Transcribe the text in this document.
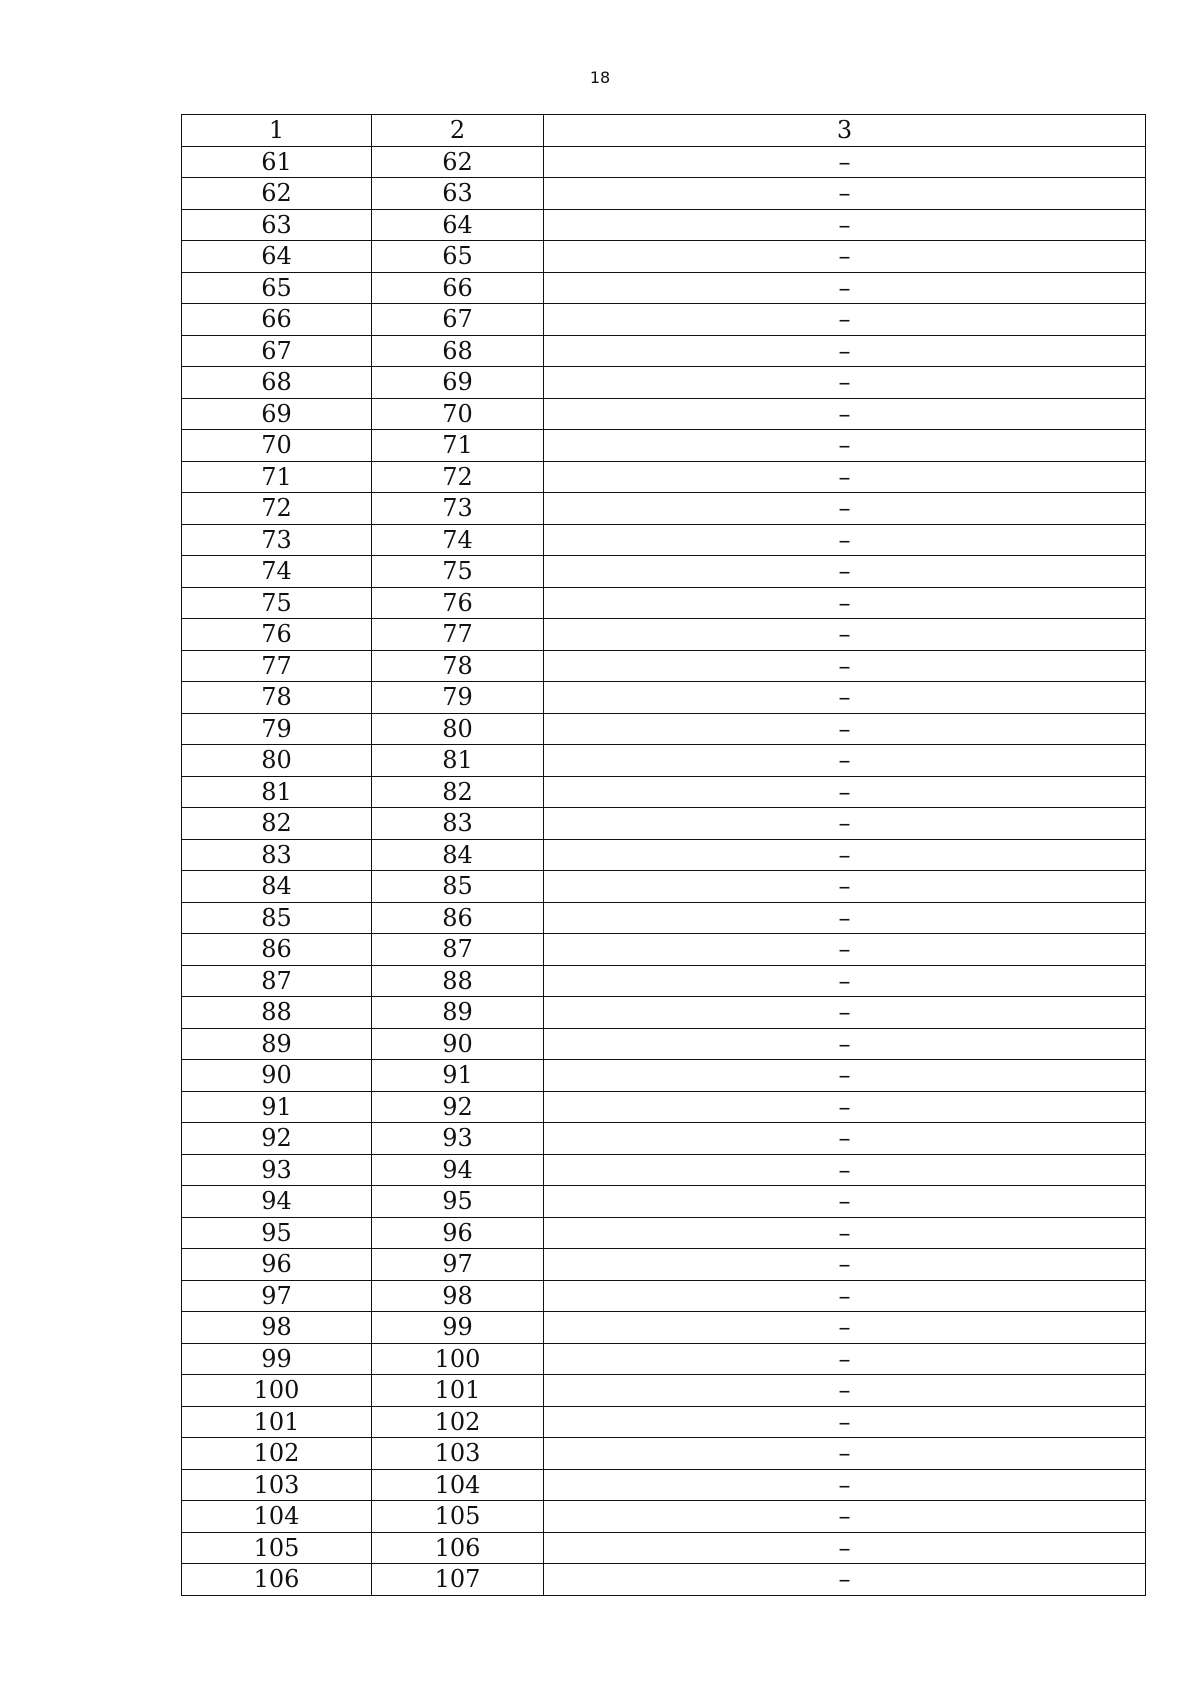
18
1	2	3
61	62	–
62	63	–
63	64	–
64	65	–
65	66	–
66	67	–
67	68	–
68	69	–
69	70	–
70	71	–
71	72	–
72	73	–
73	74	–
74	75	–
75	76	–
76	77	–
77	78	–
78	79	–
79	80	–
80	81	–
81	82	–
82	83	–
83	84	–
84	85	–
85	86	–
86	87	–
87	88	–
88	89	–
89	90	–
90	91	–
91	92	–
92	93	–
93	94	–
94	95	–
95	96	–
96	97	–
97	98	–
98	99	–
99	100	–
100	101	–
101	102	–
102	103	–
103	104	–
104	105	–
105	106	–
106	107	–
